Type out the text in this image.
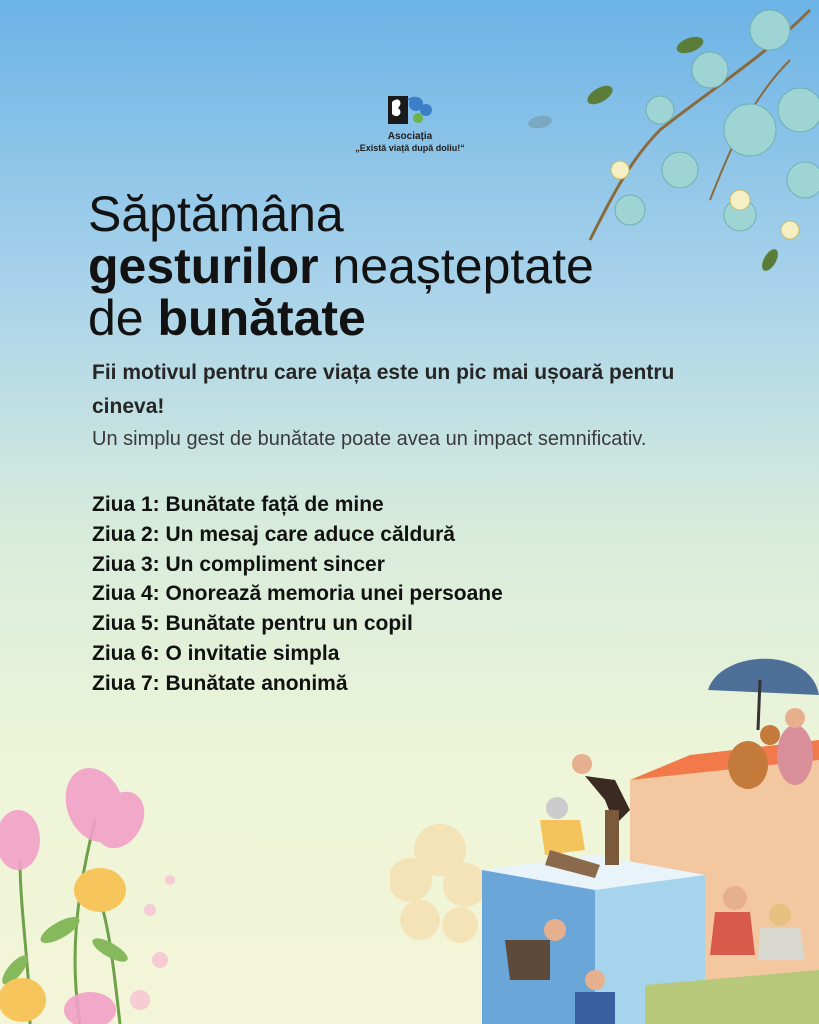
Asociația
„Există viață după doliu!“
Săptămâna
gesturilor neașteptate
de bunătate
Fii motivul pentru care viața este un pic mai ușoară pentru cineva!
Un simplu gest de bunătate poate avea un impact semnificativ.
Ziua 1: Bunătate față de mine
Ziua 2: Un mesaj care aduce căldură
Ziua 3: Un compliment sincer
Ziua 4: Onorează memoria unei persoane
Ziua 5: Bunătate pentru un copil
Ziua 6: O invitatie simpla
Ziua 7: Bunătate anonimă
